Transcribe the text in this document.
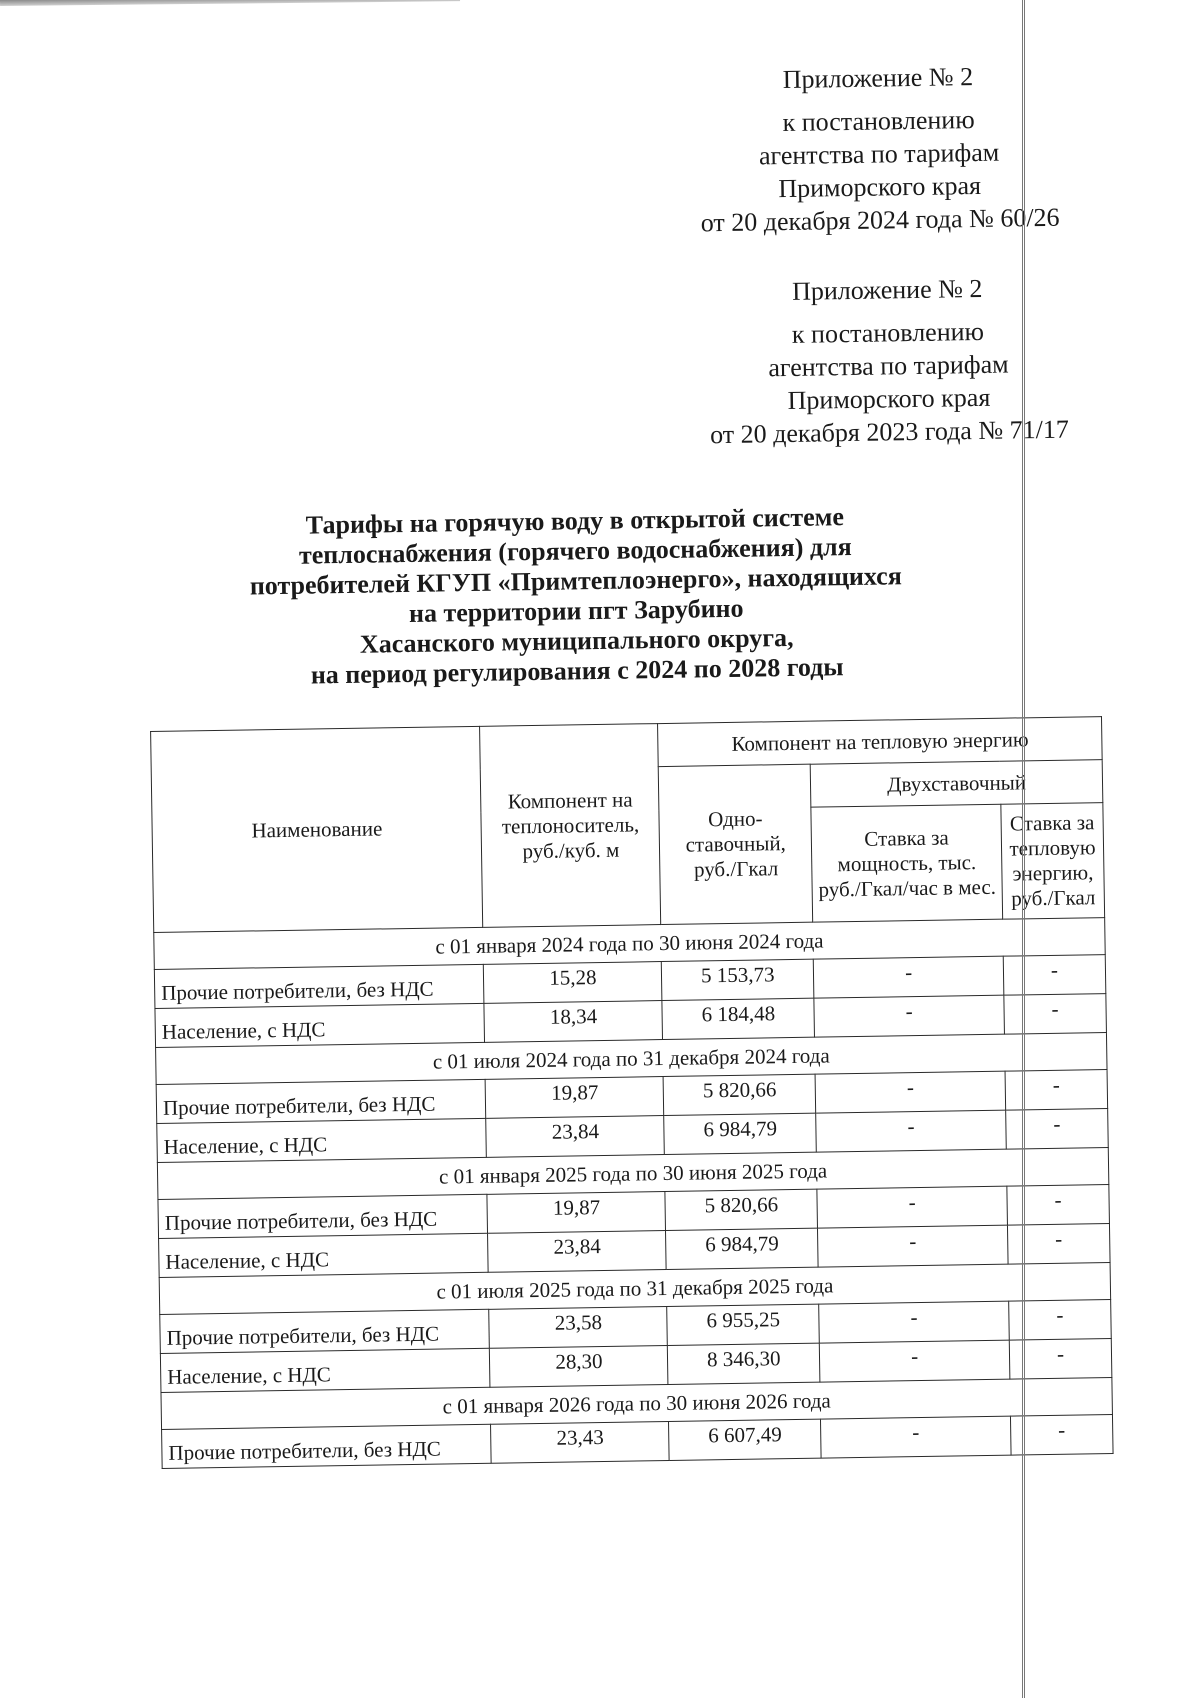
Приложение № 2
к постановлению
агентства по тарифам
Приморского края
от 20 декабря 2024 года № 60/26
Приложение № 2
к постановлению
агентства по тарифам
Приморского края
от 20 декабря 2023 года № 71/17
Тарифы на горячую воду в открытой системе
теплоснабжения (горячего водоснабжения) для
потребителей КГУП «Примтеплоэнерго», находящихся
на территории пгт Зарубино
Хасанского муниципального округа,
на период регулирования с 2024 по 2028 годы
Наименование	Компонент на теплоноситель, руб./куб. м	Компонент на тепловую энергию		
		Одно-ставочный, руб./Гкал	Двухставочный	
			Ставка за мощность, тыс. руб./Гкал/час в мес.	Ставка за тепловую энергию, руб./Гкал
с 01 января 2024 года по 30 июня 2024 года				
Прочие потребители, без НДС	15,28	5 153,73	-	-
Население, с НДС	18,34	6 184,48	-	-
с 01 июля 2024 года по 31 декабря 2024 года				
Прочие потребители, без НДС	19,87	5 820,66	-	-
Население, с НДС	23,84	6 984,79	-	-
с 01 января 2025 года по 30 июня 2025 года				
Прочие потребители, без НДС	19,87	5 820,66	-	-
Население, с НДС	23,84	6 984,79	-	-
с 01 июля 2025 года по 31 декабря 2025 года				
Прочие потребители, без НДС	23,58	6 955,25	-	-
Население, с НДС	28,30	8 346,30	-	-
с 01 января 2026 года по 30 июня 2026 года				
Прочие потребители, без НДС	23,43	6 607,49	-	-
